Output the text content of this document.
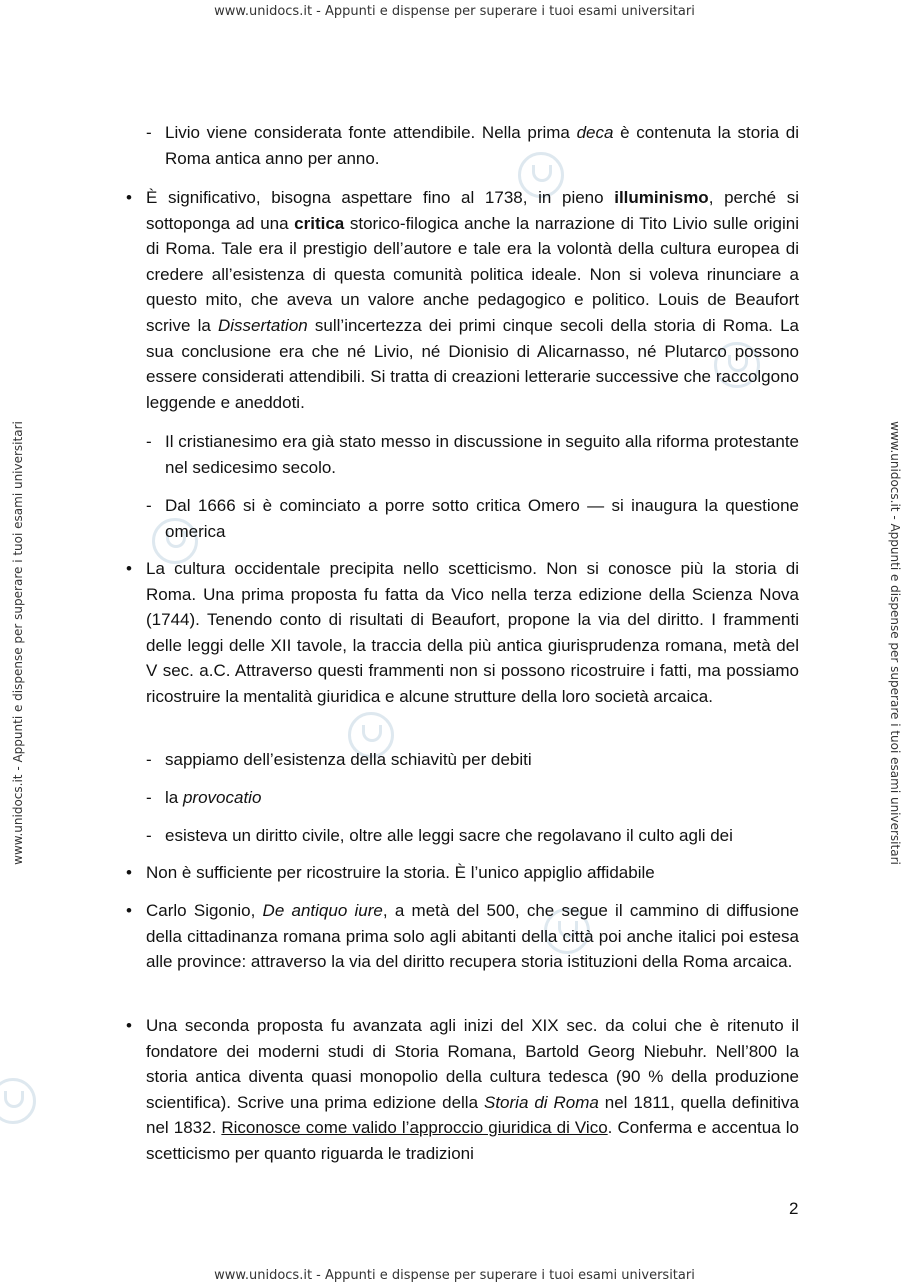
www.unidocs.it - Appunti e dispense per superare i tuoi esami universitari
www.unidocs.it - Appunti e dispense per superare i tuoi esami universitari
www.unidocs.it - Appunti e dispense per superare i tuoi esami universitari	www.unidocs.it - Appunti e dispense per superare i tuoi esami universitari

- Livio viene considerata fonte attendibile. Nella prima deca è contenuta la storia di Roma antica anno per anno.

• È significativo, bisogna aspettare fino al 1738, in pieno illuminismo, perché si sottoponga ad una critica storico-filogica anche la narrazione di Tito Livio sulle origini di Roma. Tale era il prestigio dell’autore e tale era la volontà della cultura europea di credere all’esistenza di questa comunità politica ideale. Non si voleva rinunciare a questo mito, che aveva un valore anche pedagogico e politico. Louis de Beaufort scrive la Dissertation sull’incertezza dei primi cinque secoli della storia di Roma. La sua conclusione era che né Livio, né Dionisio di Alicarnasso, né Plutarco possono essere considerati attendibili. Si tratta di creazioni letterarie successive che raccolgono leggende e aneddoti.

- Il cristianesimo era già stato messo in discussione in seguito alla riforma protestante nel sedicesimo secolo.

- Dal 1666 si è cominciato a porre sotto critica Omero — si inaugura la questione omerica

• La cultura occidentale precipita nello scetticismo. Non si conosce più la storia di Roma. Una prima proposta fu fatta da Vico nella terza edizione della Scienza Nova (1744). Tenendo conto di risultati di Beaufort, propone la via del diritto. I frammenti delle leggi delle XII tavole, la traccia della più antica giurisprudenza romana, metà del V sec. a.C. Attraverso questi frammenti non si possono ricostruire i fatti, ma possiamo ricostruire la mentalità giuridica e alcune strutture della loro società arcaica.

- sappiamo dell’esistenza della schiavitù per debiti

- la provocatio

- esisteva un diritto civile, oltre alle leggi sacre che regolavano il culto agli dei

• Non è sufficiente per ricostruire la storia. È l’unico appiglio affidabile

• Carlo Sigonio, De antiquo iure, a metà del 500, che segue il cammino di diffusione della cittadinanza romana prima solo agli abitanti della città poi anche italici poi estesa alle province: attraverso la via del diritto recupera storia istituzioni della Roma arcaica.

• Una seconda proposta fu avanzata agli inizi del XIX sec. da colui che è ritenuto il fondatore dei moderni studi di Storia Romana, Bartold Georg Niebuhr. Nell’800 la storia antica diventa quasi monopolio della cultura tedesca (90 % della produzione scientifica). Scrive una prima edizione della Storia di Roma nel 1811, quella definitiva nel 1832. Riconosce come valido l’approccio giuridica di Vico. Conferma e accentua lo scetticismo per quanto riguarda le tradizioni

2
